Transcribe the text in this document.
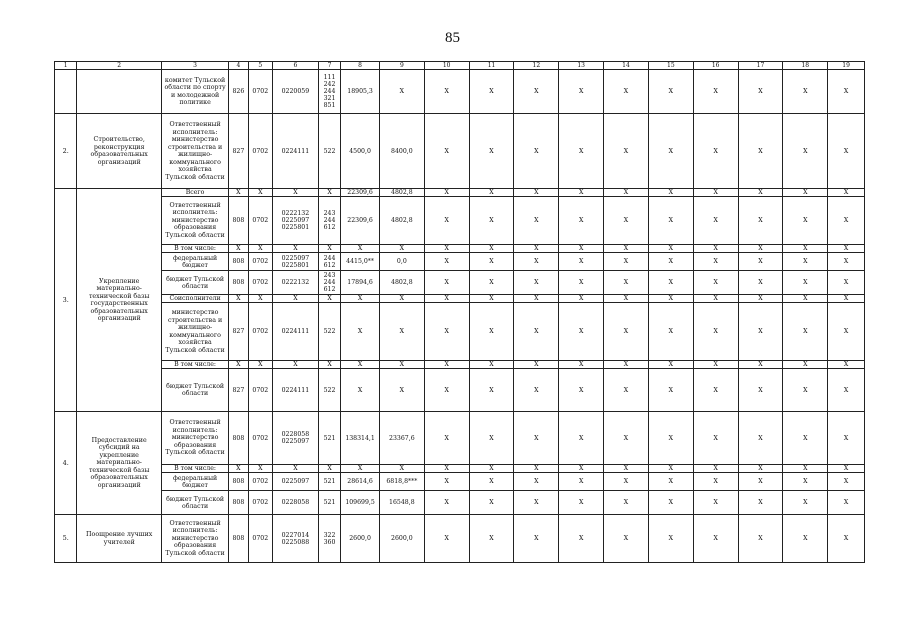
85
1	2	3	4	5	6	7	8	9	10	11	12	13	14	15	16	17	18	19
		комитет Тульской области по спорту и молодежной политике	826	0702	0220059	111
242
244
321
851	18905,3	X	X	X	X	X	X	X	X	X	X	X
2.	Строительство, реконструкция образовательных организаций	Ответственный исполнитель: министерство строительства и жилищно-коммунального хозяйства Тульской области	827	0702	0224111	522	4500,0	8400,0	X	X	X	X	X	X	X	X	X	X
3.	Укрепление материально-технической базы государственных образовательных организаций	Всего	X	X	X	X	22309,6	4802,8	X	X	X	X	X	X	X	X	X	X
		Ответственный исполнитель: министерство образования Тульской области	808	0702	0222132
0225097
0225801	243
244
612	22309,6	4802,8	X	X	X	X	X	X	X	X	X	X
		В том числе:	X	X	X	X	X	X	X	X	X	X	X	X	X	X	X	X
		федеральный бюджет	808	0702	0225097
0225801	244
612	4415,0**	0,0	X	X	X	X	X	X	X	X	X	X
		бюджет Тульской области	808	0702	0222132	243
244
612	17894,6	4802,8	X	X	X	X	X	X	X	X	X	X
		Соисполнители	X	X	X	X	X	X	X	X	X	X	X	X	X	X	X	X
		министерство строительства и жилищно-коммунального хозяйства Тульской области	827	0702	0224111	522	X	X	X	X	X	X	X	X	X	X	X	X
		В том числе:	X	X	X	X	X	X	X	X	X	X	X	X	X	X	X	X
		бюджет Тульской области	827	0702	0224111	522	X	X	X	X	X	X	X	X	X	X	X	X
4.	Предоставление субсидий на укрепление материально-технической базы образовательных организаций	Ответственный исполнитель: министерство образования Тульской области	808	0702	0228058
0225097	521	138314,1	23367,6	X	X	X	X	X	X	X	X	X	X
		В том числе:	X	X	X	X	X	X	X	X	X	X	X	X	X	X	X	X
		федеральный бюджет	808	0702	0225097	521	28614,6	6818,8***	X	X	X	X	X	X	X	X	X	X
		бюджет Тульской области	808	0702	0228058	521	109699,5	16548,8	X	X	X	X	X	X	X	X	X	X
5.	Поощрение лучших учителей	Ответственный исполнитель: министерство образования Тульской области	808	0702	0227014
0225088	322
360	2600,0	2600,0	X	X	X	X	X	X	X	X	X	X
